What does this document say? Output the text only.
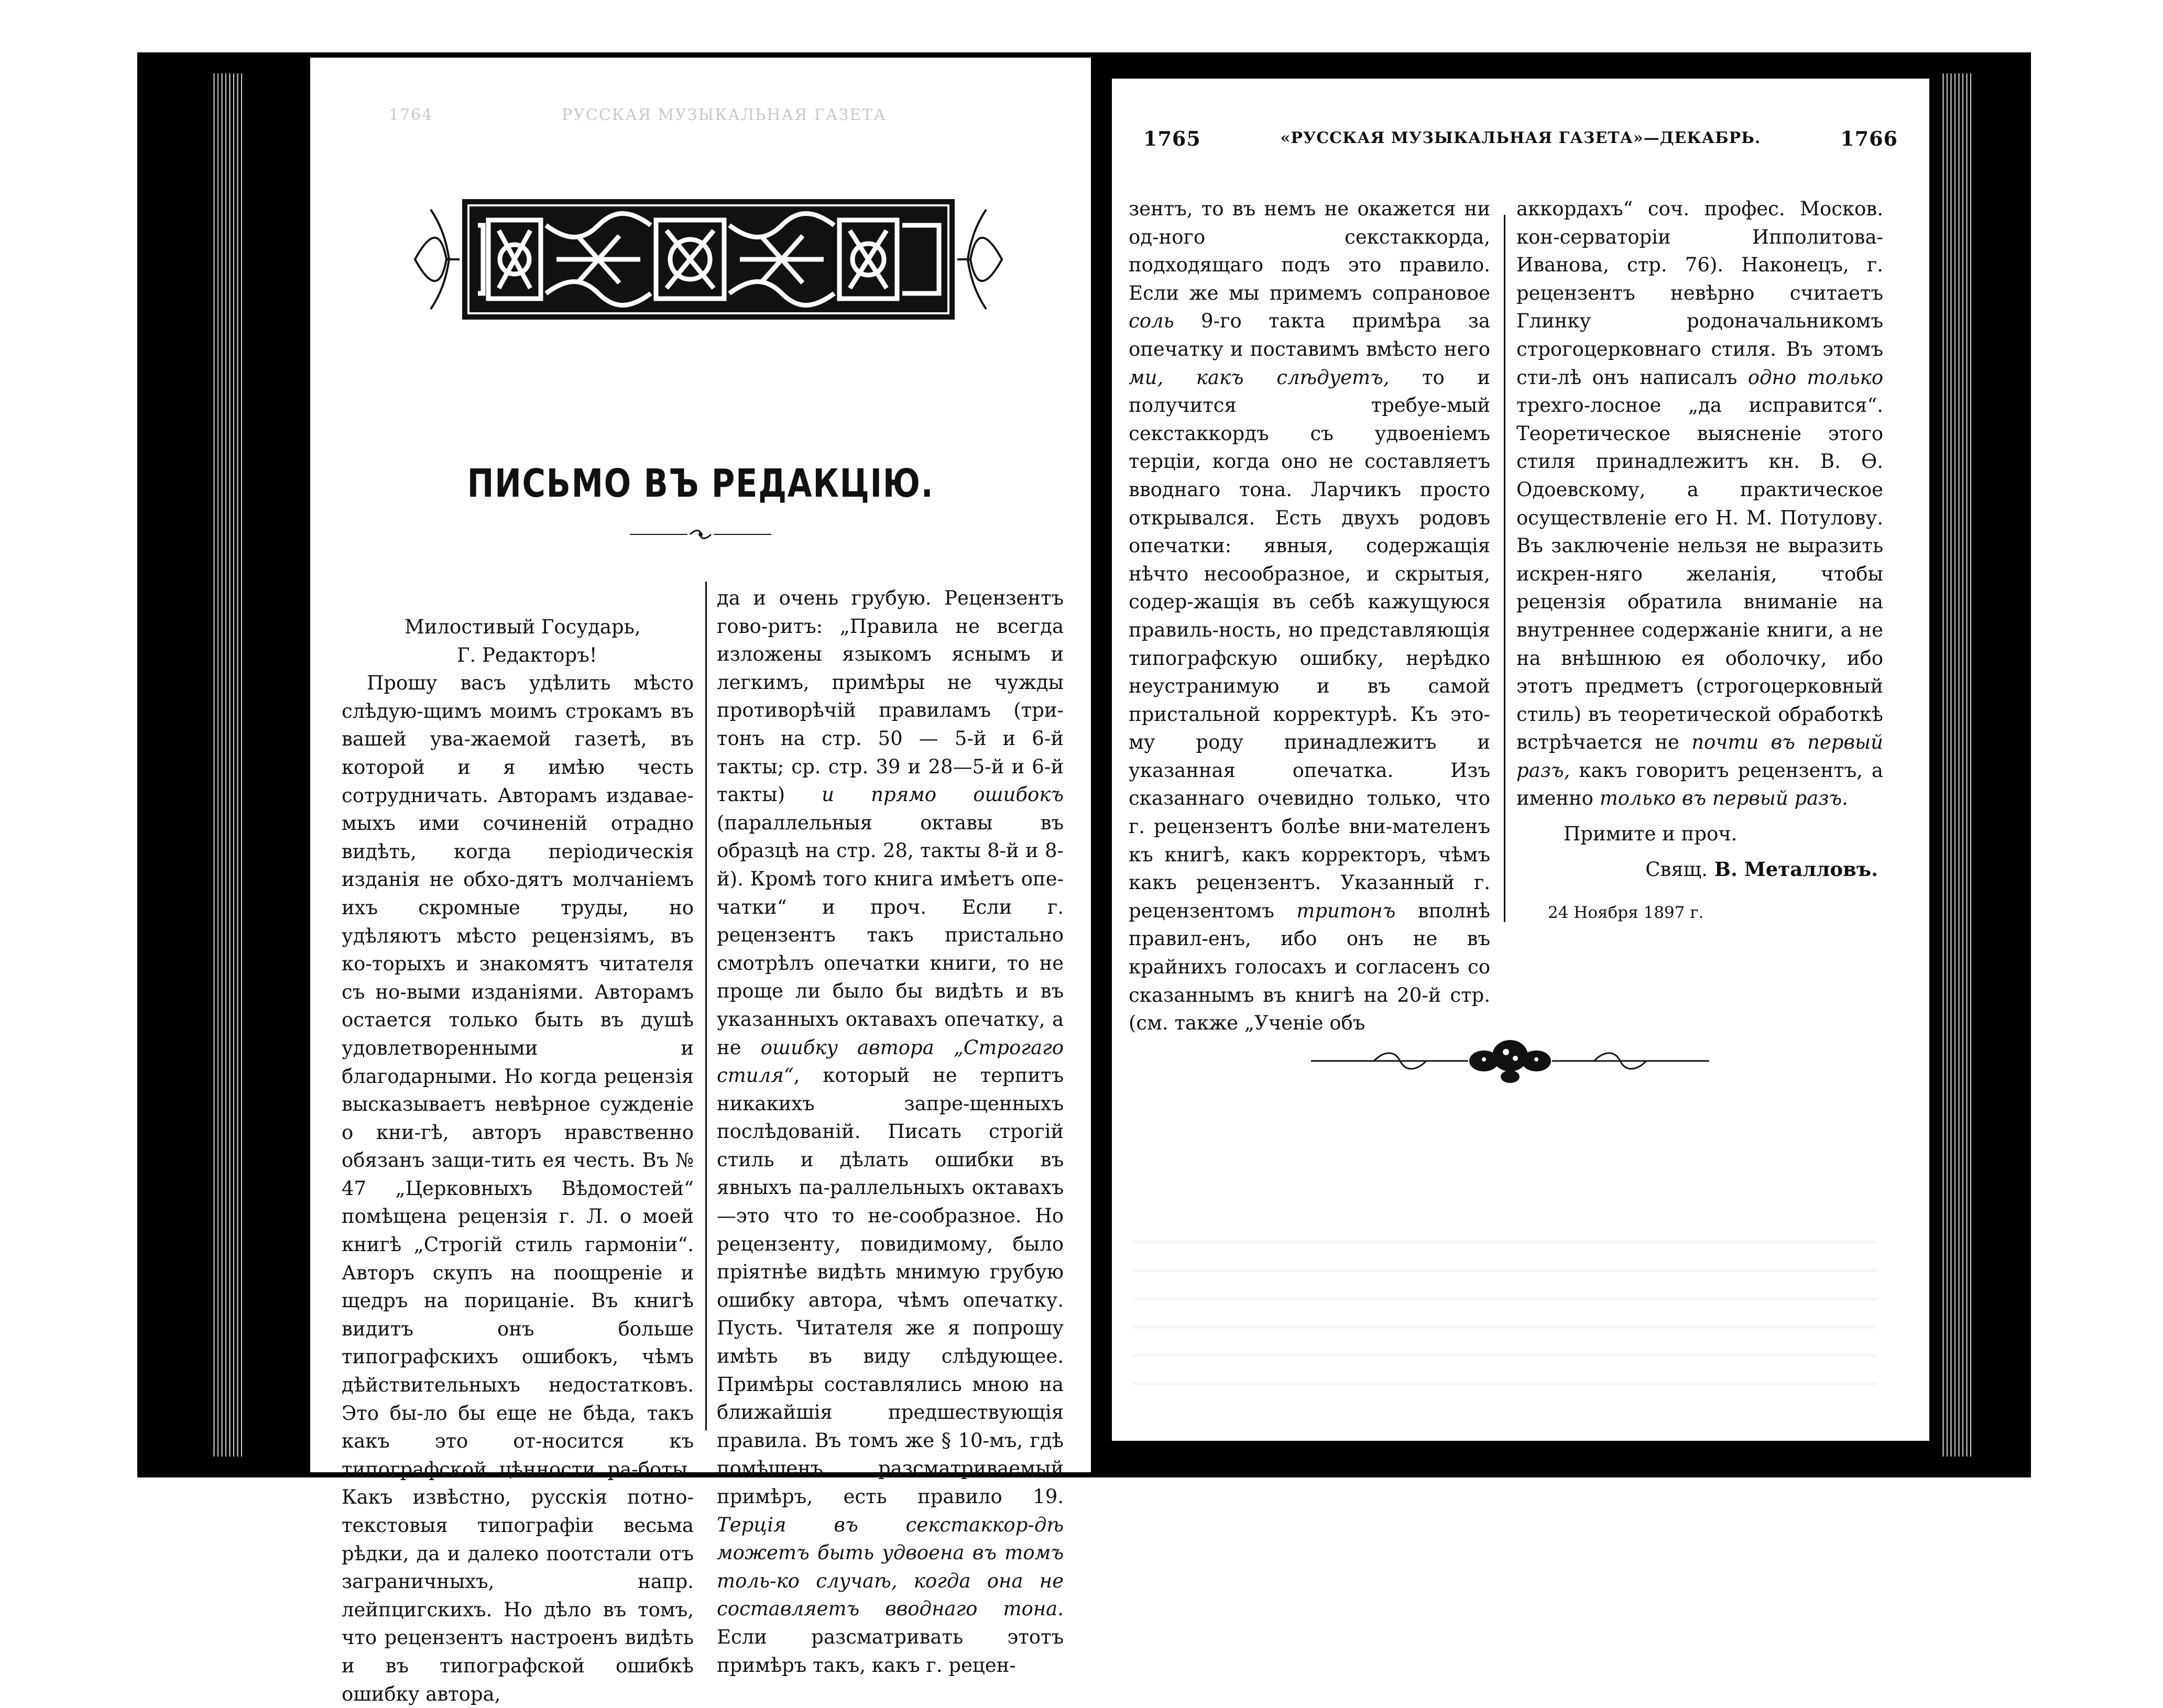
1764	РУССКАЯ МУЗЫКАЛЬНАЯ ГАЗЕТА
ПИСЬМО ВЪ РЕДАКЦІЮ.

Милостивый Государь,

Г. Редакторъ!

Прошу васъ удѣлить мѣсто слѣдую-щимъ моимъ строкамъ въ вашей ува-жаемой газетѣ, въ которой и я имѣю честь сотрудничать. Авторамъ издавае-мыхъ ими сочиненій отрадно видѣть, когда періодическія изданія не обхо-дятъ молчаніемъ ихъ скромные труды, но удѣляютъ мѣсто рецензіямъ, въ ко-торыхъ и знакомятъ читателя съ но-выми изданіями. Авторамъ остается только быть въ душѣ удовлетворенными и благодарными. Но когда рецензія высказываетъ невѣрное сужденіе о кни-гѣ, авторъ нравственно обязанъ защи-тить ея честь. Въ № 47 „Церковныхъ Вѣдомостей“ помѣщена рецензія г. Л. о моей книгѣ „Строгій стиль гармоніи“. Авторъ скупъ на поощреніе и щедръ на порицаніе. Въ книгѣ видитъ онъ больше типографскихъ ошибокъ, чѣмъ дѣйствительныхъ недостатковъ. Это бы-ло бы еще не бѣда, такъ какъ это от-носится къ типографской цѣнности ра-боты. Какъ извѣстно, русскія потно-текстовыя типографіи весьма рѣдки, да и далеко поотстали отъ заграничныхъ, напр. лейпцигскихъ. Но дѣло въ томъ, что рецензентъ настроенъ видѣть и въ типографской ошибкѣ ошибку автора,

да и очень грубую. Рецензентъ гово-ритъ: „Правила не всегда изложены языкомъ яснымъ и легкимъ, примѣры не чужды противорѣчій правиламъ (три-тонъ на стр. 50 — 5-й и 6-й такты; ср. стр. 39 и 28—5-й и 6-й такты) и прямо ошибокъ (параллельныя октавы въ образцѣ на стр. 28, такты 8-й и 8-й). Кромѣ того книга имѣетъ опе-чатки“ и проч. Если г. рецензентъ такъ пристально смотрѣлъ опечатки книги, то не проще ли было бы видѣть и въ указанныхъ октавахъ опечатку, а не ошибку автора „Строгаго стиля“, который не терпитъ никакихъ запре-щенныхъ послѣдованій. Писать строгій стиль и дѣлать ошибки въ явныхъ па-раллельныхъ октавахъ—это что то не-сообразное. Но рецензенту, повидимому, было пріятнѣе видѣть мнимую грубую ошибку автора, чѣмъ опечатку. Пусть. Читателя же я попрошу имѣть въ виду слѣдующее. Примѣры составлялись мною на ближайшія предшествующія правила. Въ томъ же § 10-мъ, гдѣ помѣщенъ разсматриваемый примѣръ, есть правило 19. Терція въ секстаккор-дѣ можетъ быть удвоена въ томъ толь-ко случаѣ, когда она не составляетъ вводнаго тона. Если разсматривать этотъ примѣръ такъ, какъ г. рецен-

1765	«РУССКАЯ МУЗЫКАЛЬНАЯ ГАЗЕТА»—ДЕКАБРЬ.	1766

зентъ, то въ немъ не окажется ни од-ного секстаккорда, подходящаго подъ это правило. Если же мы примемъ сопрановое соль 9-го такта примѣра за опечатку и поставимъ вмѣсто него ми, какъ слѣдуетъ, то и получится требуе-мый секстаккордъ съ удвоеніемъ терціи, когда оно не составляетъ вводнаго тона. Ларчикъ просто открывался. Есть двухъ родовъ опечатки: явныя, содержащія нѣчто несообразное, и скрытыя, содер-жащія въ себѣ кажущуюся правиль-ность, но представляющія типографскую ошибку, нерѣдко неустранимую и въ самой пристальной корректурѣ. Къ это-му роду принадлежитъ и указанная опечатка. Изъ сказаннаго очевидно только, что г. рецензентъ болѣе вни-мателенъ къ книгѣ, какъ корректоръ, чѣмъ какъ рецензентъ. Указанный г. рецензентомъ тритонъ вполнѣ правил-енъ, ибо онъ не въ крайнихъ голосахъ и согласенъ со сказаннымъ въ книгѣ на 20-й стр. (см. также „Ученіе объ

аккордахъ“ соч. профес. Москов. кон-серваторіи Ипполитова-Иванова, стр. 76). Наконецъ, г. рецензентъ невѣрно считаетъ Глинку родоначальникомъ строгоцерковнаго стиля. Въ этомъ сти-лѣ онъ написалъ одно только трехго-лосное „да исправится“. Теоретическое выясненіе этого стиля принадлежитъ кн. В. Ѳ. Одоевскому, а практическое осуществленіе его Н. М. Потулову. Въ заключеніе нельзя не выразить искрен-няго желанія, чтобы рецензія обратила вниманіе на внутреннее содержаніе книги, а не на внѣшнюю ея оболочку, ибо этотъ предметъ (строгоцерковный стиль) въ теоретической обработкѣ встрѣчается не почти въ первый разъ, какъ говоритъ рецензентъ, а именно только въ первый разъ.

Примите и проч.

Свящ. В. Металловъ.

24 Ноября 1897 г.
